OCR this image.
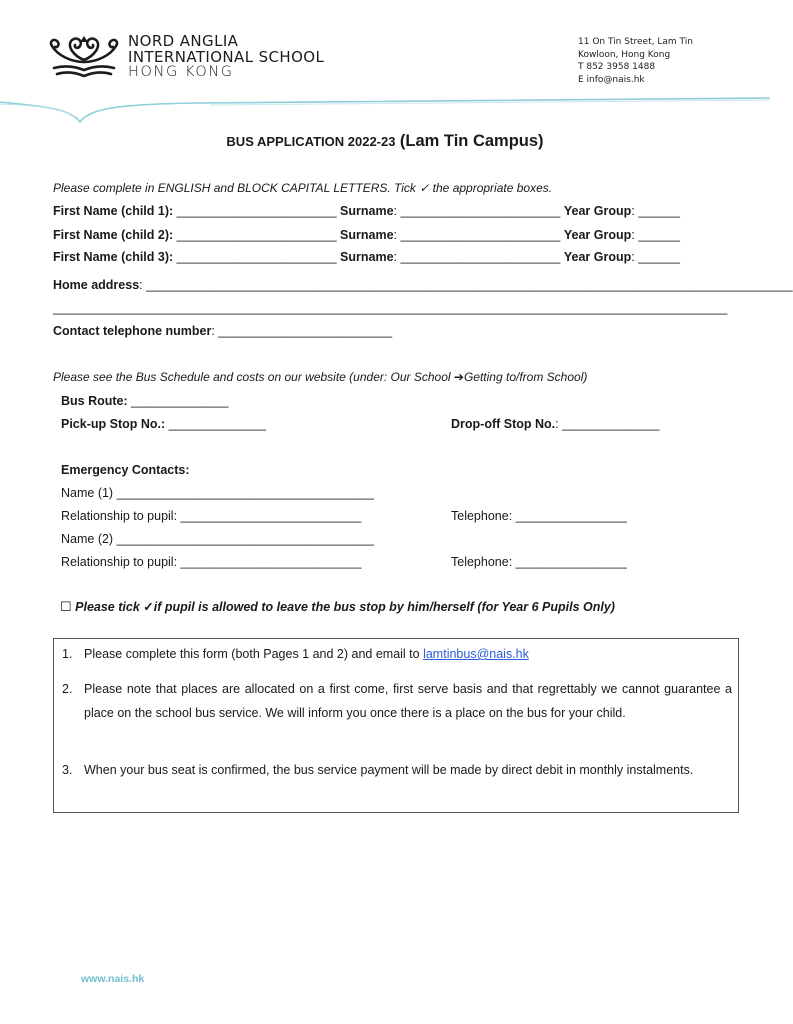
NORD ANGLIA
INTERNATIONAL SCHOOL
HONG KONG
11 On Tin Street, Lam Tin
Kowloon, Hong Kong
T 852 3958 1488
E info@nais.hk
BUS APPLICATION 2022-23 (Lam Tin Campus)
Please complete in ENGLISH and BLOCK CAPITAL LETTERS. Tick ✓ the appropriate boxes.
First Name (child 1): _______________________ Surname: _______________________ Year Group: ______
First Name (child 2): _______________________ Surname: _______________________ Year Group: ______
First Name (child 3): _______________________ Surname: _______________________ Year Group: ______
Home address: _____________________________________________________________________________________________
_________________________________________________________________________________________________
Contact telephone number: _________________________
Please see the Bus Schedule and costs on our website (under: Our School ➔Getting to/from School)
Bus Route: ______________
Pick-up Stop No.: ______________	Drop-off Stop No.: ______________
Emergency Contacts:
Name (1) _____________________________________
Relationship to pupil: __________________________	Telephone: ________________
Name (2) _____________________________________
Relationship to pupil: __________________________	Telephone: ________________
☐ Please tick ✓if pupil is allowed to leave the bus stop by him/herself (for Year 6 Pupils Only)
1. Please complete this form (both Pages 1 and 2) and email to lamtinbus@nais.hk
2. Please note that places are allocated on a first come, first serve basis and that regrettably we cannot guarantee a place on the school bus service. We will inform you once there is a place on the bus for your child.
3. When your bus seat is confirmed, the bus service payment will be made by direct debit in monthly instalments.
www.nais.hk
